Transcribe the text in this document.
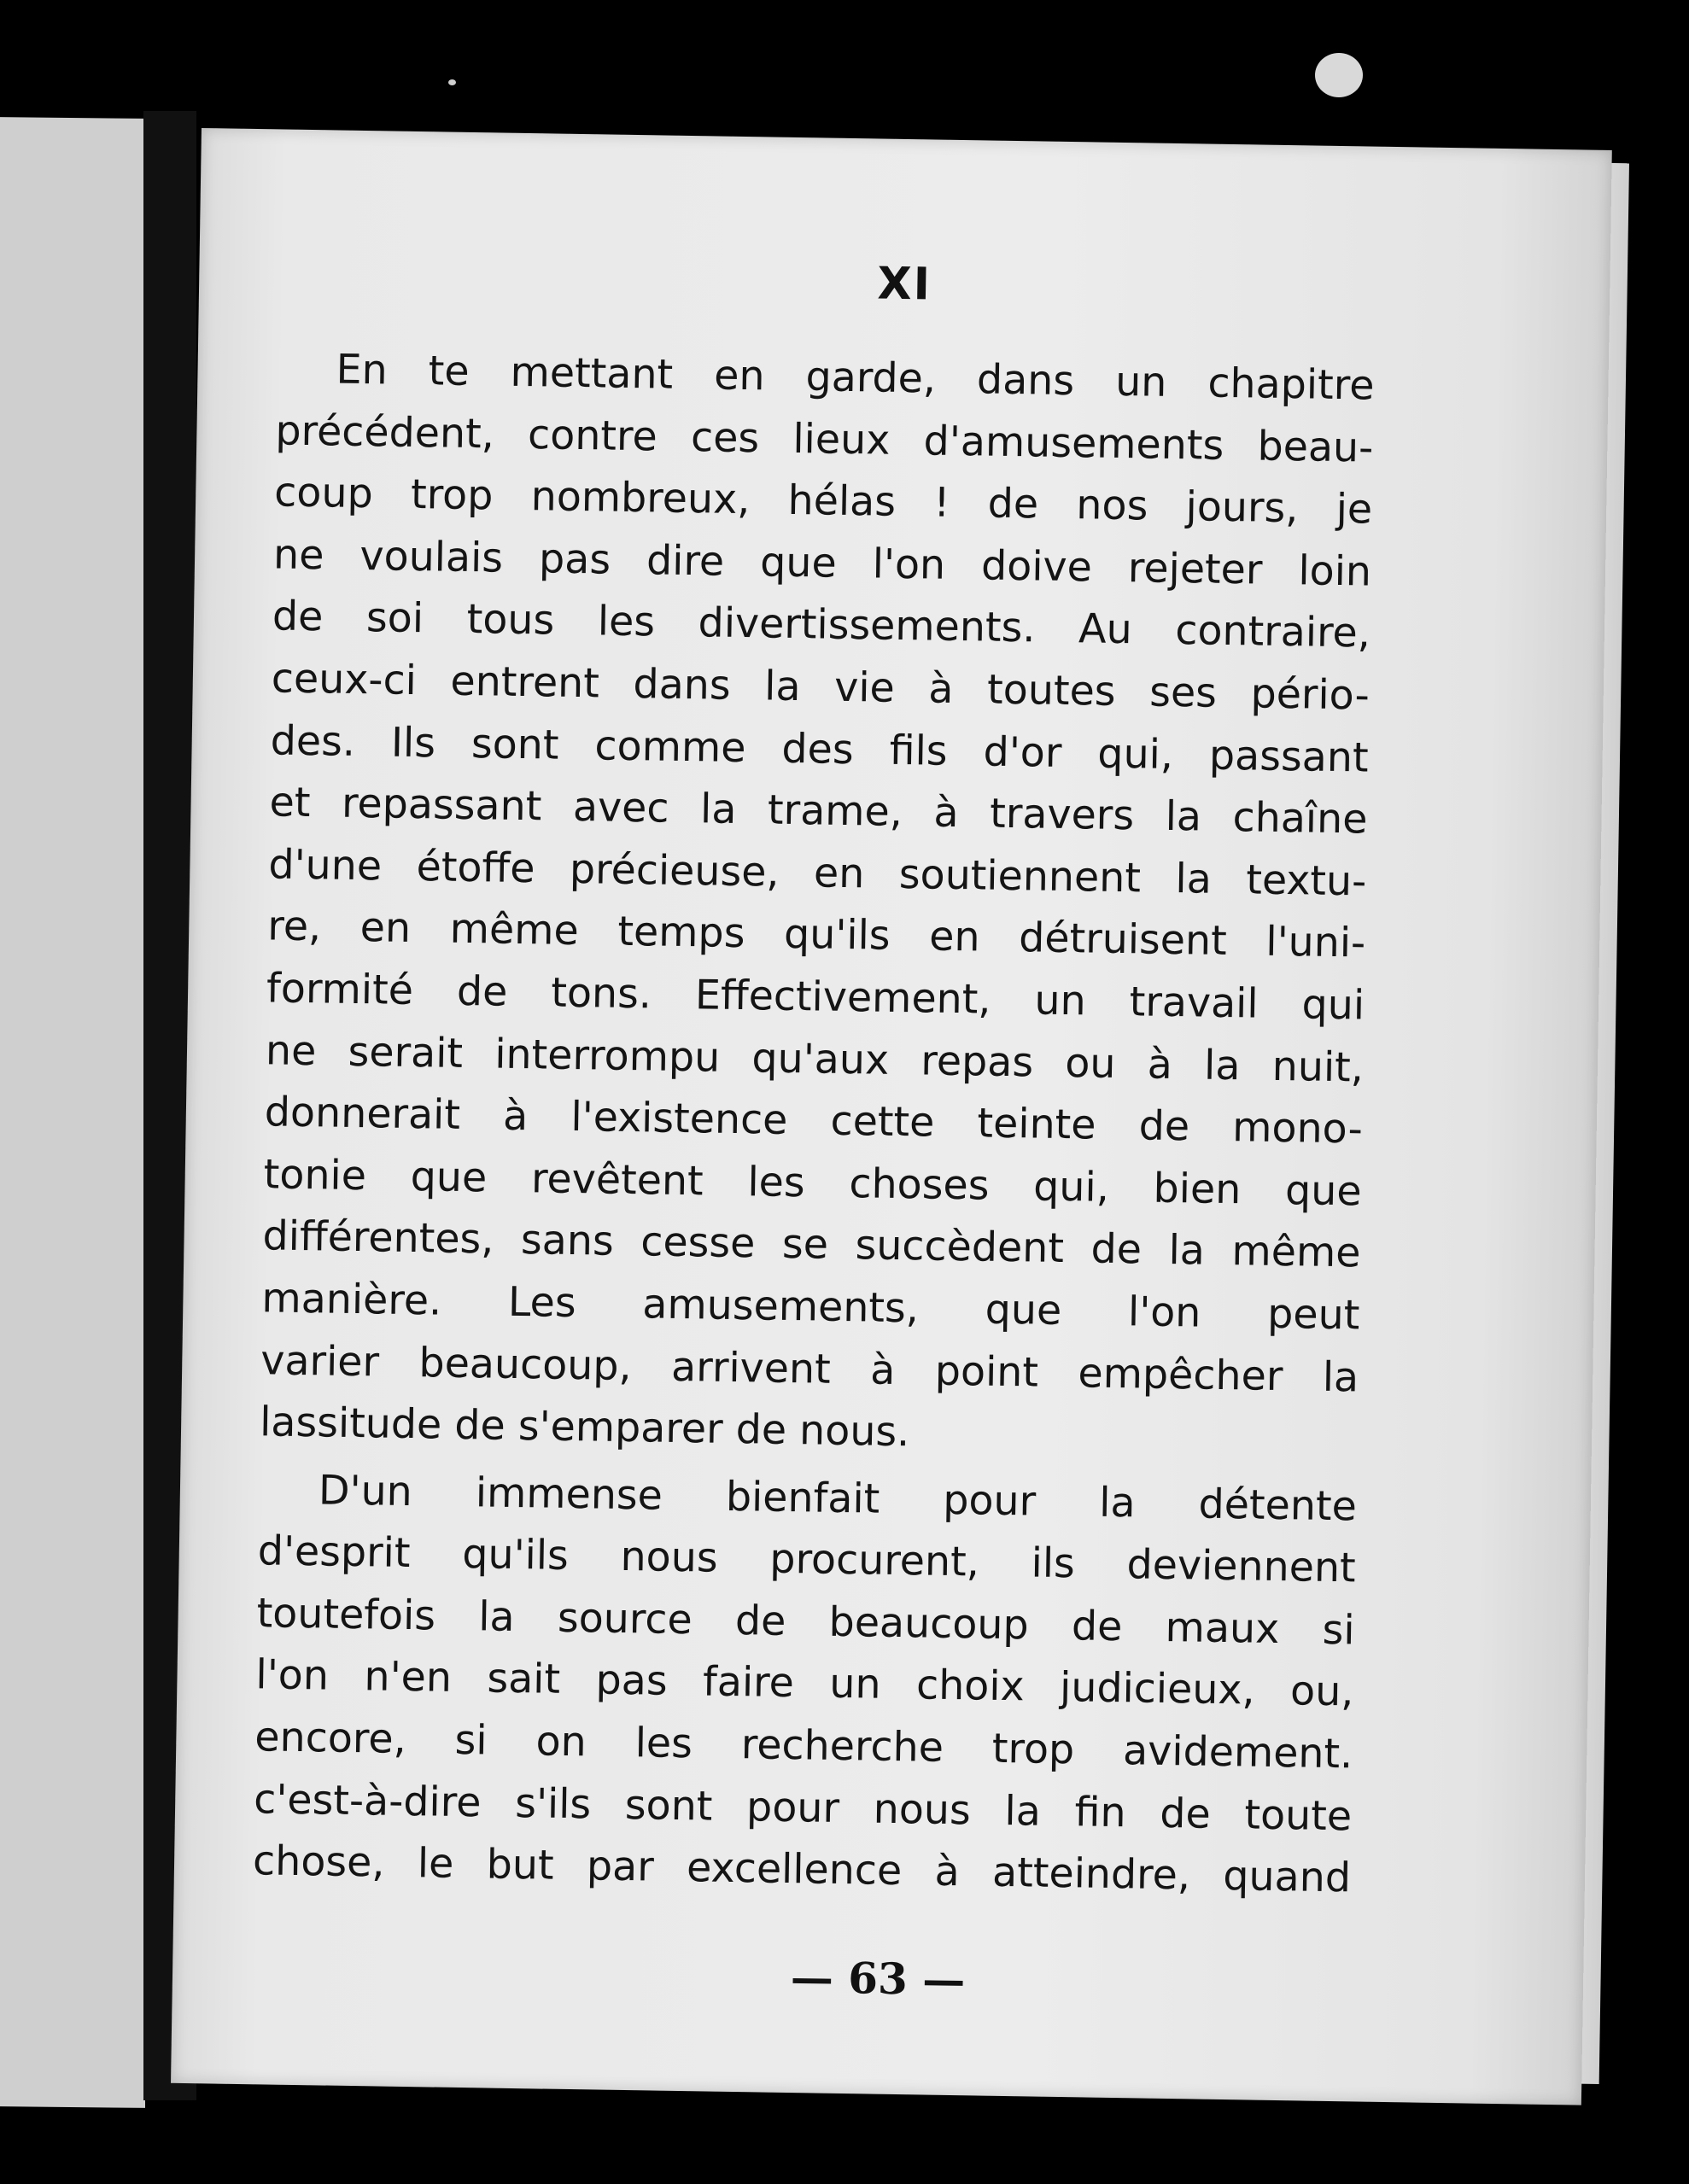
XI
En te mettant en garde, dans un chapitre
précédent, contre ces lieux d'amusements beau-
coup trop nombreux, hélas ! de nos jours, je
ne voulais pas dire que l'on doive rejeter loin
de soi tous les divertissements. Au contraire,
ceux-ci entrent dans la vie à toutes ses pério-
des. Ils sont comme des fils d'or qui, passant
et repassant avec la trame, à travers la chaîne
d'une étoffe précieuse, en soutiennent la textu-
re, en même temps qu'ils en détruisent l'uni-
formité de tons. Effectivement, un travail qui
ne serait interrompu qu'aux repas ou à la nuit,
donnerait à l'existence cette teinte de mono-
tonie que revêtent les choses qui, bien que
différentes, sans cesse se succèdent de la même
manière. Les amusements, que l'on peut
varier beaucoup, arrivent à point empêcher la
lassitude de s'emparer de nous.
D'un immense bienfait pour la détente
d'esprit qu'ils nous procurent, ils deviennent
toutefois la source de beaucoup de maux si
l'on n'en sait pas faire un choix judicieux, ou,
encore, si on les recherche trop avidement.
c'est-à-dire s'ils sont pour nous la fin de toute
chose, le but par excellence à atteindre, quand
— 63 —
